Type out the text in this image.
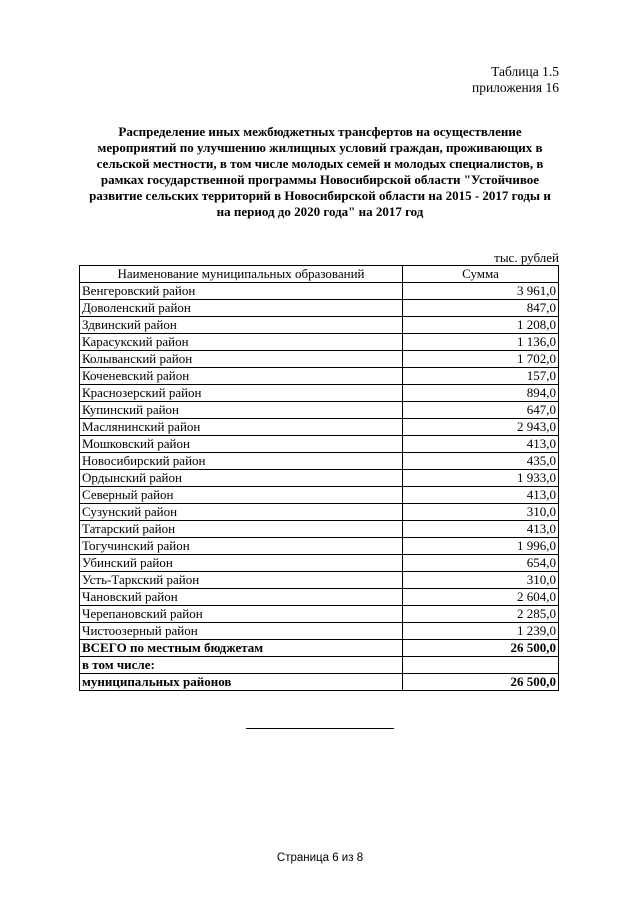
Таблица 1.5
приложения 16
Распределение иных межбюджетных трансфертов на осуществление мероприятий по улучшению жилищных условий граждан, проживающих в сельской местности, в том числе молодых семей и молодых специалистов, в рамках государственной программы Новосибирской области "Устойчивое развитие сельских территорий в Новосибирской области на 2015 - 2017 годы и на период до 2020 года" на 2017 год
тыс. рублей
Наименование муниципальных образований	Сумма
Венгеровский район	3 961,0
Доволенский район	847,0
Здвинский район	1 208,0
Карасукский район	1 136,0
Колыванский район	1 702,0
Коченевский район	157,0
Краснозерский район	894,0
Купинский район	647,0
Маслянинский район	2 943,0
Мошковский район	413,0
Новосибирский район	435,0
Ордынский район	1 933,0
Северный район	413,0
Сузунский район	310,0
Татарский район	413,0
Тогучинский район	1 996,0
Убинский район	654,0
Усть-Таркский район	310,0
Чановский район	2 604,0
Черепановский район	2 285,0
Чистоозерный район	1 239,0
ВСЕГО по местным бюджетам	26 500,0
в том числе:	
муниципальных районов	26 500,0
Страница 6 из 8
